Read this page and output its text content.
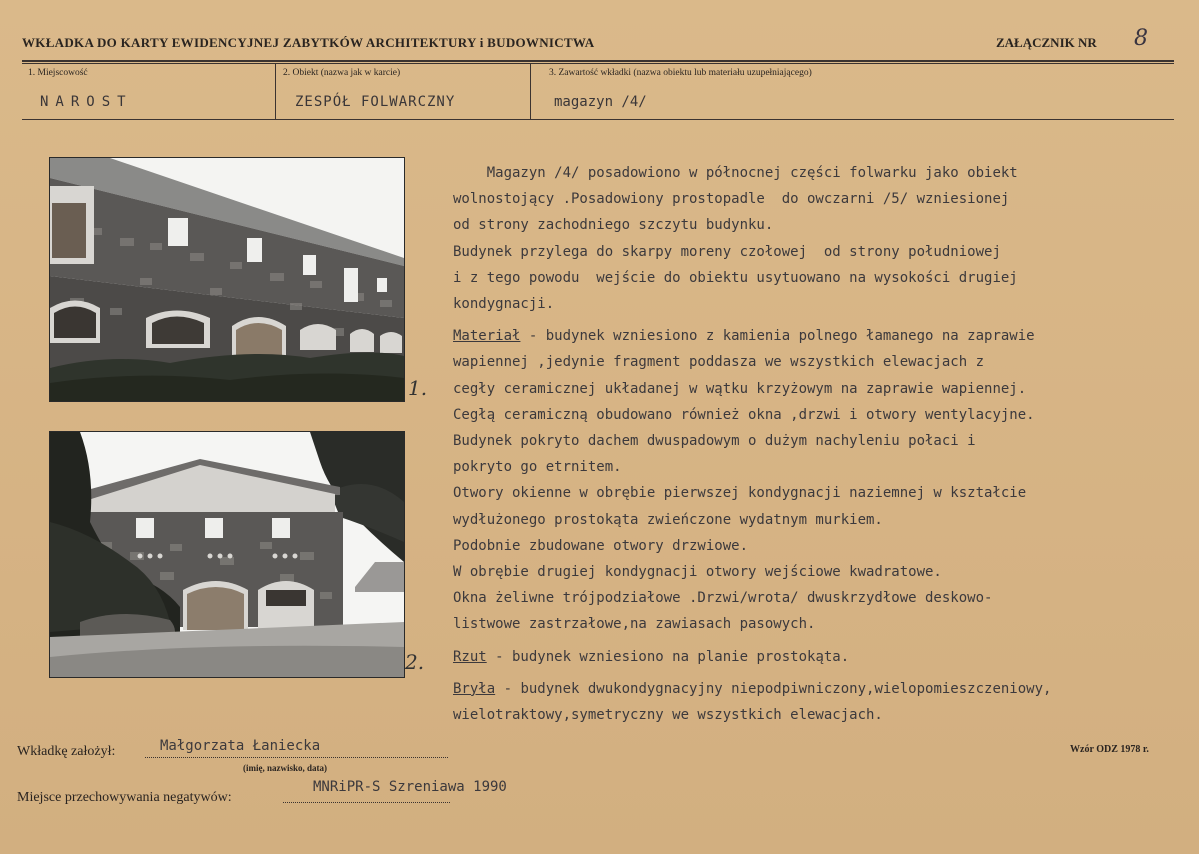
WKŁADKA DO KARTY EWIDENCYJNEJ ZABYTKÓW ARCHITEKTURY i BUDOWNICTWA	ZAŁĄCZNIK NR 8
1. Miejscowość	2. Obiekt (nazwa jak w karcie)	3. Zawartość wkładki (nazwa obiektu lub materiału uzupełniającego)
NAROST	ZESPÓŁ FOLWARCZNY	magazyn /4/
1.
2.

Magazyn /4/ posadowiono w północnej części folwarku jako obiekt

wolnostojący .Posadowiony prostopadle  do owczarni /5/ wzniesionej

od strony zachodniego szczytu budynku.

Budynek przylega do skarpy moreny czołowej  od strony południowej

i z tego powodu  wejście do obiektu usytuowano na wysokości drugiej

kondygnacji.

Materiał - budynek wzniesiono z kamienia polnego łamanego na zaprawie

wapiennej ,jedynie fragment poddasza we wszystkich elewacjach z

cegły ceramicznej układanej w wątku krzyżowym na zaprawie wapiennej.

Cegłą ceramiczną obudowano również okna ,drzwi i otwory wentylacyjne.

Budynek pokryto dachem dwuspadowym o dużym nachyleniu połaci i

pokryto go etrnitem.

Otwory okienne w obrębie pierwszej kondygnacji naziemnej w kształcie

wydłużonego prostokąta zwieńczone wydatnym murkiem.

Podobnie zbudowane otwory drzwiowe.

W obrębie drugiej kondygnacji otwory wejściowe kwadratowe.

Okna żeliwne trójpodziałowe .Drzwi/wrota/ dwuskrzydłowe deskowo-

listwowe zastrzałowe,na zawiasach pasowych.

Rzut - budynek wzniesiono na planie prostokąta.

Bryła - budynek dwukondygnacyjny niepodpiwniczony,wielopomieszczeniowy,

wielotraktowy,symetryczny we wszystkich elewacjach.

Wkładkę założył:	Małgorzata Łaniecka
(imię, nazwisko, data)
Wzór ODZ 1978 r.
Miejsce przechowywania negatywów:
MNRiPR-S Szreniawa 1990
